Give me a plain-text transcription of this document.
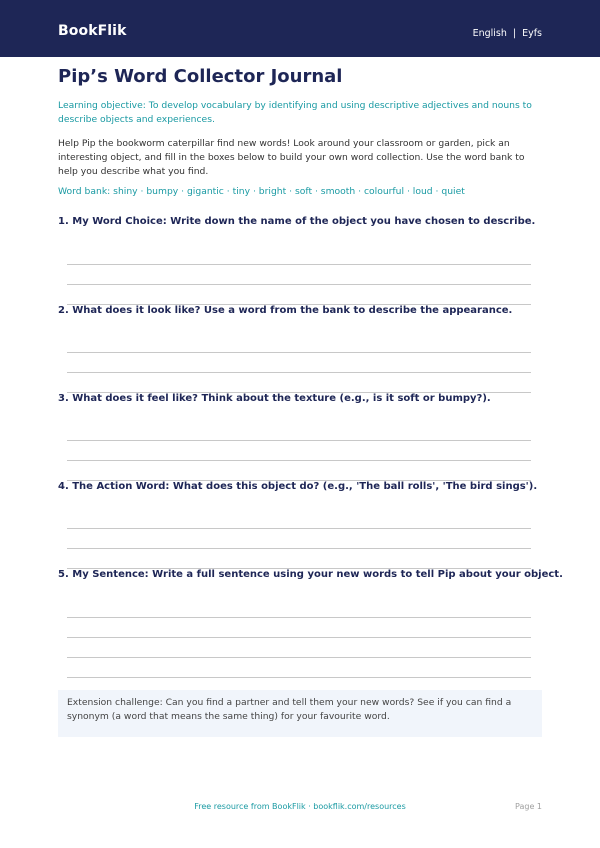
BookFlik	English | Eyfs
Pip’s Word Collector Journal
Learning objective: To develop vocabulary by identifying and using descriptive adjectives and nouns to describe objects and experiences.
Help Pip the bookworm caterpillar find new words! Look around your classroom or garden, pick an interesting object, and fill in the boxes below to build your own word collection. Use the word bank to help you describe what you find.
Word bank: shiny · bumpy · gigantic · tiny · bright · soft · smooth · colourful · loud · quiet
1. My Word Choice: Write down the name of the object you have chosen to describe.
2. What does it look like? Use a word from the bank to describe the appearance.
3. What does it feel like? Think about the texture (e.g., is it soft or bumpy?).
4. The Action Word: What does this object do? (e.g., 'The ball rolls', 'The bird sings').
5. My Sentence: Write a full sentence using your new words to tell Pip about your object.
Extension challenge: Can you find a partner and tell them your new words? See if you can find a synonym (a word that means the same thing) for your favourite word.
Free resource from BookFlik · bookflik.com/resources	Page 1
